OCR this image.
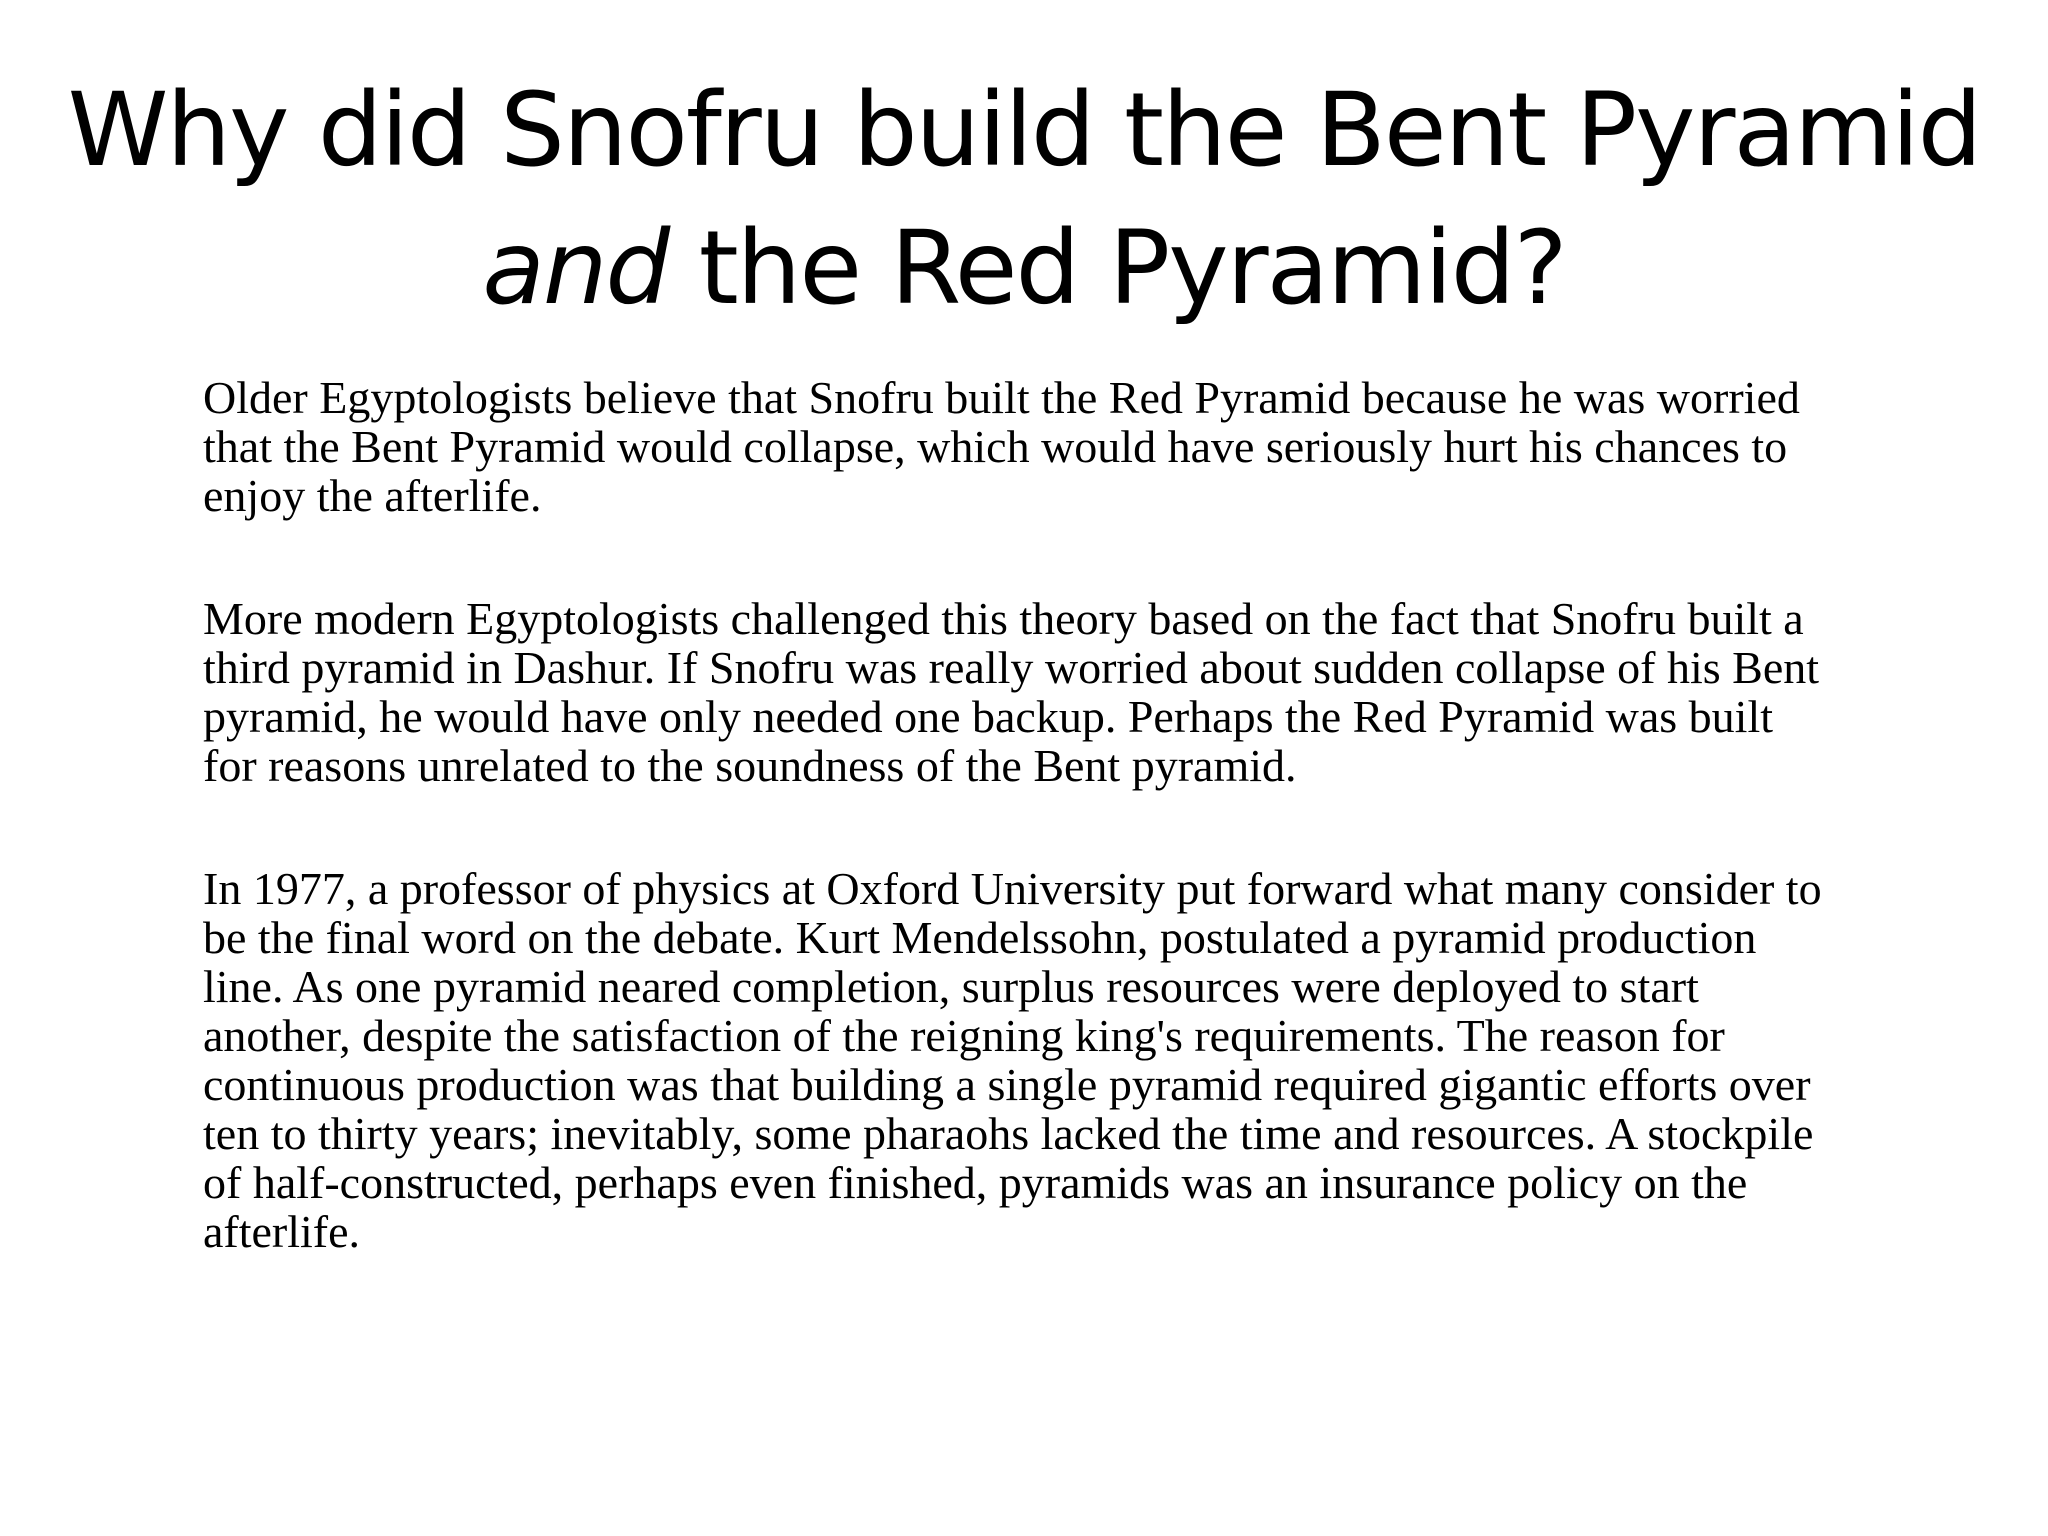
Why did Snofru build the Bent Pyramid
and the Red Pyramid?

Older Egyptologists believe that Snofru built the Red Pyramid because he was worried
that the Bent Pyramid would collapse, which would have seriously hurt his chances to
enjoy the afterlife.

More modern Egyptologists challenged this theory based on the fact that Snofru built a
third pyramid in Dashur. If Snofru was really worried about sudden collapse of his Bent
pyramid, he would have only needed one backup. Perhaps the Red Pyramid was built
for reasons unrelated to the soundness of the Bent pyramid.

In 1977, a professor of physics at Oxford University put forward what many consider to
be the final word on the debate. Kurt Mendelssohn, postulated a pyramid production
line. As one pyramid neared completion, surplus resources were deployed to start
another, despite the satisfaction of the reigning king's requirements. The reason for
continuous production was that building a single pyramid required gigantic efforts over
ten to thirty years; inevitably, some pharaohs lacked the time and resources. A stockpile
of half-constructed, perhaps even finished, pyramids was an insurance policy on the
afterlife.
